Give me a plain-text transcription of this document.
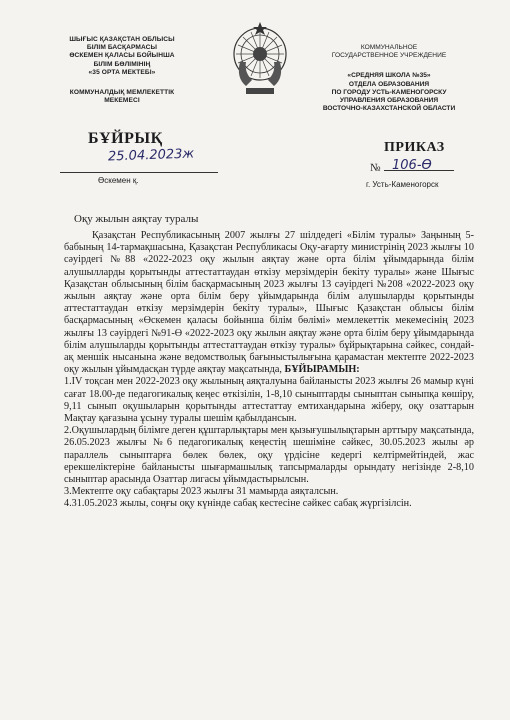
ШЫҒЫС ҚАЗАҚСТАН ОБЛЫСЫ
БІЛІМ БАСҚАРМАСЫ
ӨСКЕМЕН ҚАЛАСЫ БОЙЫНША
БІЛІМ БӨЛІМІНІҢ
«35 ОРТА МЕКТЕБІ»
КОММУНАЛДЫҚ МЕМЛЕКЕТТІК
МЕКЕМЕСІ
КОММУНАЛЬНОЕ
ГОСУДАРСТВЕННОЕ УЧРЕЖДЕНИЕ
«СРЕДНЯЯ ШКОЛА №35»
ОТДЕЛА ОБРАЗОВАНИЯ
ПО ГОРОДУ УСТЬ-КАМЕНОГОРСКУ
УПРАВЛЕНИЯ ОБРАЗОВАНИЯ
ВОСТОЧНО-КАЗАХСТАНСКОЙ ОБЛАСТИ
БҰЙРЫҚ
25.04.2023ж
Өскемен қ.
ПРИКАЗ
№ 106-Ө
г. Усть-Каменогорск
Оқу жылын аяқтау туралы

Қазақстан Республикасының 2007 жылғы 27 шілдедегі «Білім туралы» Заңының 5-бабының 14-тармақшасына, Қазақстан Республикасы Оқу-ағарту министрінің 2023 жылғы 10 сәуірдегі №88 «2022-2023 оқу жылын аяқтау және орта білім ұйымдарында білім алушылларды қорытынды аттестаттаудан өткізу мерзімдерін бекіту туралы» және Шығыс Қазақстан облысының білім басқармасының 2023 жылғы 13 сәуірдегі №208 «2022-2023 оқу жылын аяқтау және орта білім беру ұйымдарында білім алушыларды қорытынды аттестаттаудан өткізу мерзімдерін бекіту туралы», Шығыс Қазақстан облысы білім басқармасының «Өскемен қаласы бойынша білім бөлімі» мемлекеттік мекемесінің 2023 жылғы 13 сәуірдегі №91-Ө «2022-2023 оқу жылын аяқтау және орта білім беру ұйымдарында білім алушыларды қорытынды аттестаттаудан өткізу туралы» бұйрықтарына сәйкес, сондай-ақ меншік нысанына және ведомстволық бағыныстылығына қарамастан мектепте 2022-2023 оқу жылын ұйымдасқан түрде аяқтау мақсатында, БҰЙЫРАМЫН:

1.IV тоқсан мен 2022-2023 оқу жылының аяқталуына байланысты 2023 жылғы 26 мамыр күні сағат 18.00-де педагогикалық кеңес өткізілін, 1-8,10 сыныптарды сыныптан сыныпқа көшіру, 9,11 сынып оқушыларын қорытынды аттестаттау емтихандарына жіберу, оқу озаттарын Мақтау қағазына ұсыну туралы шешім қабылдансын.

2.Оқушылардың білімге деген құштарлықтары мен қызығушылықтарын арттыру мақсатында, 26.05.2023 жылғы №6 педагогикалық кеңестің шешіміне сәйкес, 30.05.2023 жылы әр параллель сыныптарға бөлек бөлек, оқу үрдісіне кедергі келтірмейтіндей, жас ерекшеліктеріне байланысты шығармашылық тапсырмаларды орындату негізінде 2-8,10 сыныптар арасында Озаттар лигасы ұйымдастырылсын.

3.Мектепте оқу сабақтары 2023 жылғы 31 мамырда аяқталсын.

4.31.05.2023 жылы, соңғы оқу күнінде сабақ кестесіне сәйкес сабақ жүргізілсін.
